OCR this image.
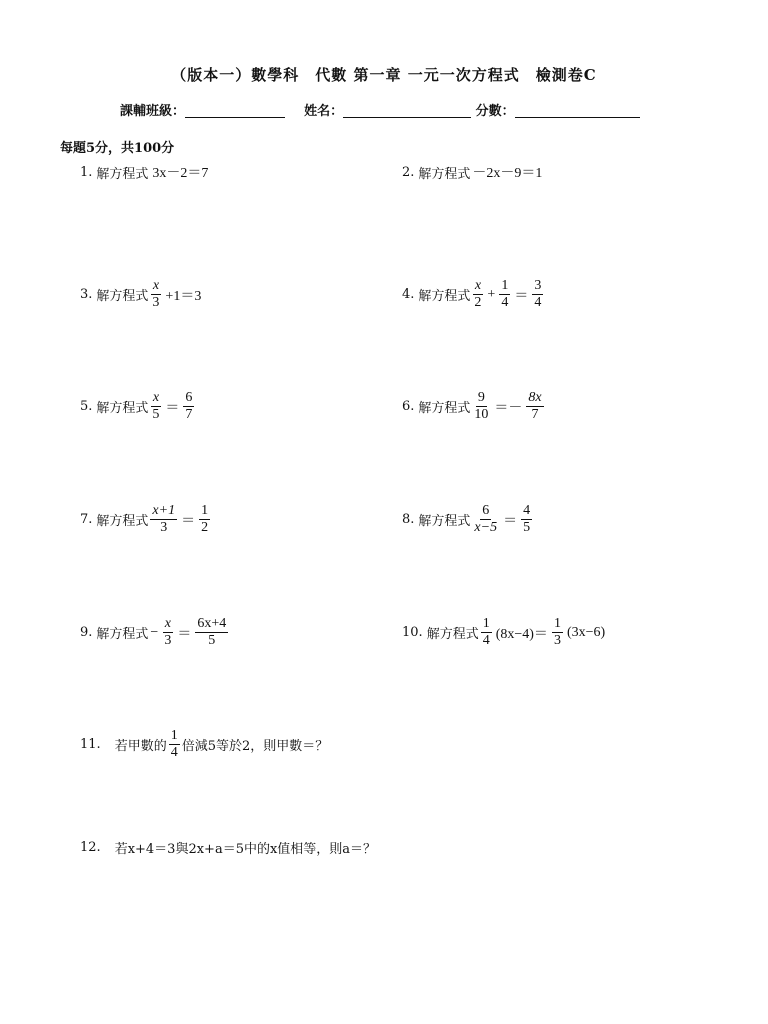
（版本一）數學科　代數 第一章 一元一次方程式　檢測卷C
課輔班級：	姓名：	分數：
每題5分，共100分
1. 解方程式 3x－2＝7	2. 解方程式 －2x－9＝1
3. 解方程式 $\frac{x}{3} +1=3$	4. 解方程式 $\frac{x}{2} + \frac{1}{4} = \frac{3}{4}$
5. 解方程式 $\frac{x}{5} = \frac{6}{7}$	6. 解方程式 $\frac{9}{10} =- \frac{8x}{7}$
7. 解方程式 $\frac{x+1}{3} = \frac{1}{2}$	8. 解方程式 $\frac{6}{x-5} = \frac{4}{5}$
9. 解方程式 − $\frac{x}{3} = \frac{6x+4}{5}$	10. 解方程式 $\frac{1}{4} (8x-4)= \frac{1}{3} (3x-6)$
11. 若甲數的 $\frac{1}{4}$ 倍減5等於2，則甲數＝？
12. 若x+4＝3與2x+a＝5中的x值相等，則a＝？
